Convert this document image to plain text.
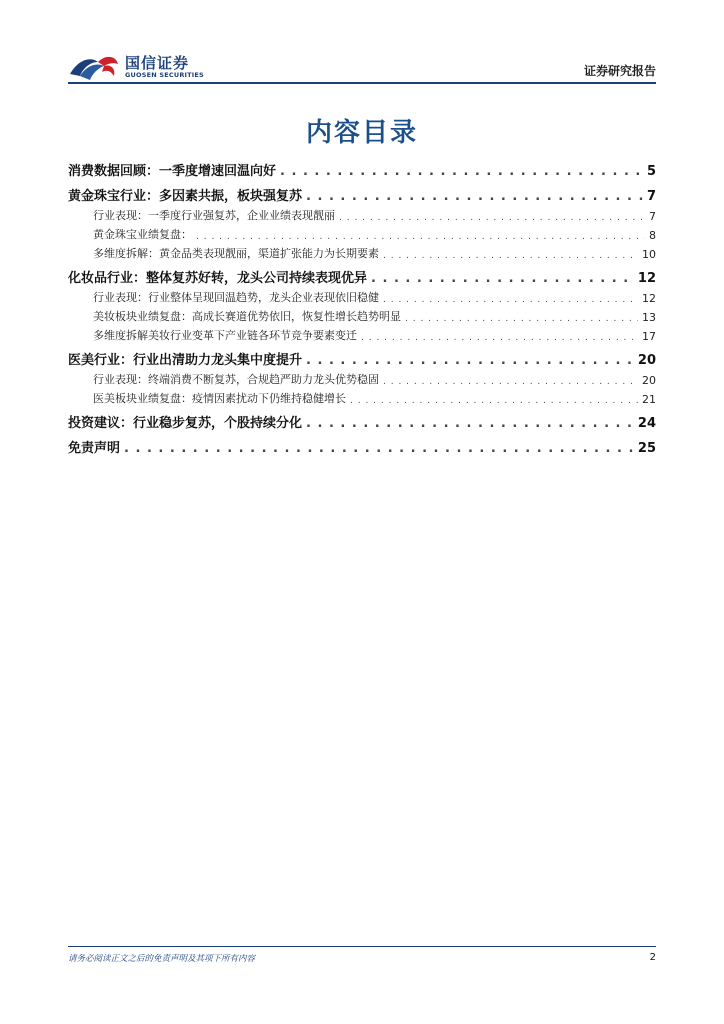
国信证券
GUOSEN SECURITIES	证券研究报告
内容目录
消费数据回顾：一季度增速回温向好 . . .	5
黄金珠宝行业：多因素共振，板块强复苏 . . .	7
行业表现：一季度行业强复苏，企业业绩表现靓丽 . . .	7
黄金珠宝业绩复盘： . . .	8
多维度拆解：黄金品类表现靓丽，渠道扩张能力为长期要素 . . .	10
化妆品行业：整体复苏好转，龙头公司持续表现优异 . . .	12
行业表现：行业整体呈现回温趋势，龙头企业表现依旧稳健 . . .	12
美妆板块业绩复盘：高成长赛道优势依旧，恢复性增长趋势明显 . . .	13
多维度拆解美妆行业变革下产业链各环节竞争要素变迁 . . .	17
医美行业：行业出清助力龙头集中度提升 . . .	20
行业表现：终端消费不断复苏，合规趋严助力龙头优势稳固 . . .	20
医美板块业绩复盘：疫情因素扰动下仍维持稳健增长 . . .	21
投资建议：行业稳步复苏，个股持续分化 . . .	24
免责声明 . . .	25
请务必阅读正文之后的免责声明及其项下所有内容	2
